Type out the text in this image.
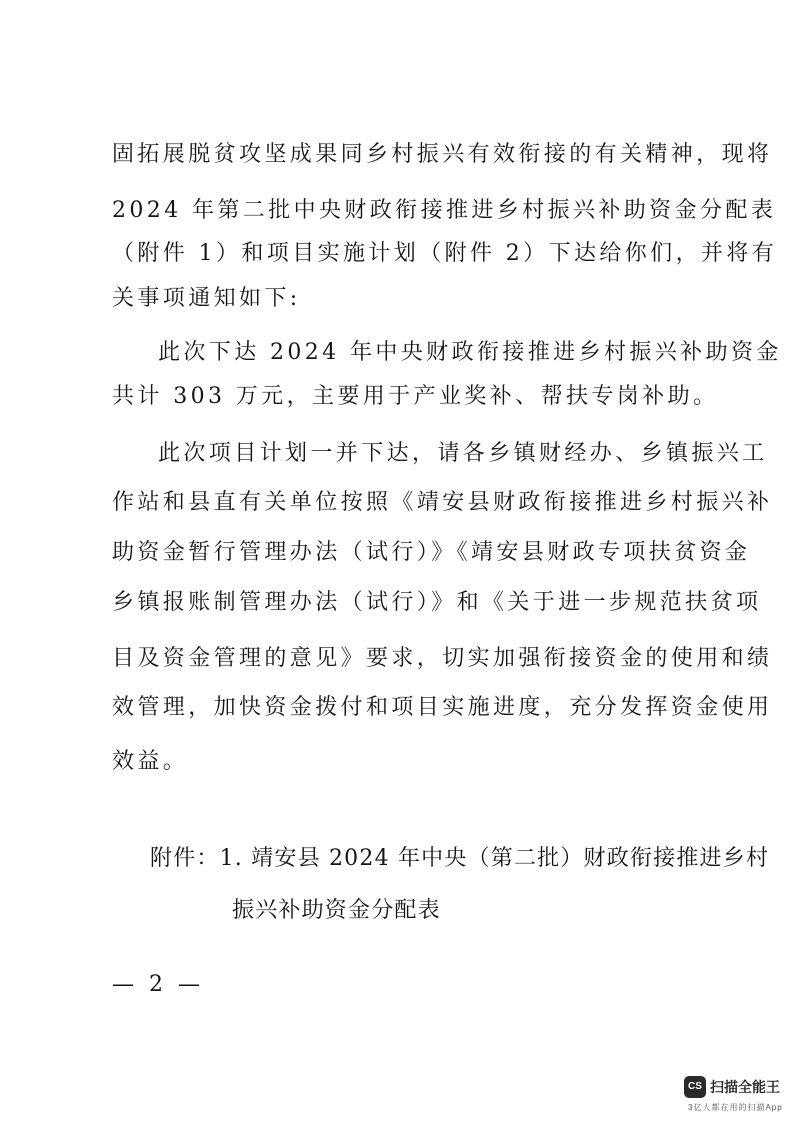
固拓展脱贫攻坚成果同乡村振兴有效衔接的有关精神，现将
2024 年第二批中央财政衔接推进乡村振兴补助资金分配表
（附件 1）和项目实施计划（附件 2）下达给你们，并将有
关事项通知如下:
此次下达 2024 年中央财政衔接推进乡村振兴补助资金
共计 303 万元，主要用于产业奖补、帮扶专岗补助。
此次项目计划一并下达，请各乡镇财经办、乡镇振兴工
作站和县直有关单位按照《靖安县财政衔接推进乡村振兴补
助资金暂行管理办法（试行）》《靖安县财政专项扶贫资金
乡镇报账制管理办法（试行）》和《关于进一步规范扶贫项
目及资金管理的意见》要求，切实加强衔接资金的使用和绩
效管理，加快资金拨付和项目实施进度，充分发挥资金使用
效益。
附件：1. 靖安县 2024 年中央（第二批）财政衔接推进乡村
振兴补助资金分配表
— 2 —
CS 扫描全能王
3亿人都在用的扫描App
